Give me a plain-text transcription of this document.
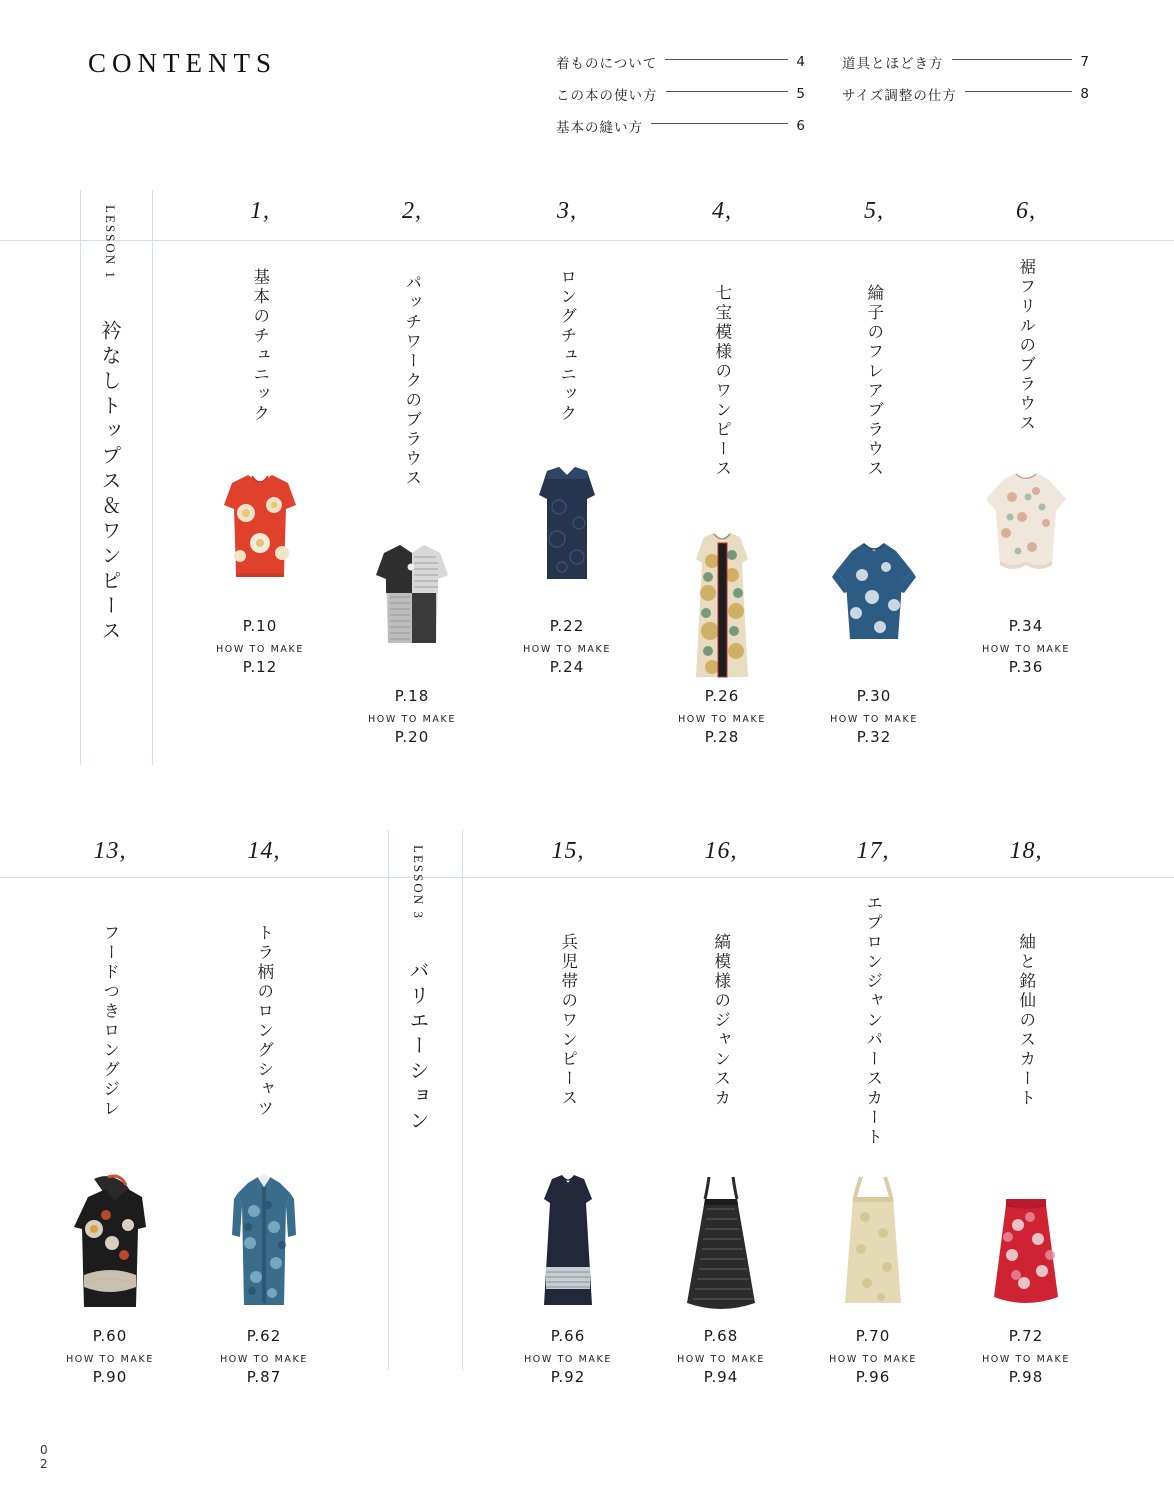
CONTENTS	着ものについて	4
この本の使い方	5
基本の縫い方	6
道具とほどき方	7
サイズ調整の仕方	8
LESSON 1 衿なしトップス＆ワンピース
LESSON 3 バリエーション
1,
基本のチュニック
P.10
HOW TO MAKE
P.12
2,
パッチワークのブラウス
P.18
HOW TO MAKE
P.20
3,
ロングチュニック
P.22
HOW TO MAKE
P.24
4,
七宝模様のワンピース
P.26
HOW TO MAKE
P.28
5,
綸子のフレアブラウス
P.30
HOW TO MAKE
P.32
6,
裾フリルのブラウス
P.34
HOW TO MAKE
P.36
13,
フードつきロングジレ
P.60
HOW TO MAKE
P.90
14,
トラ柄のロングシャツ
P.62
HOW TO MAKE
P.87
15,
兵児帯のワンピース
P.66
HOW TO MAKE
P.92
16,
縞模様のジャンスカ
P.68
HOW TO MAKE
P.94
17,
エプロンジャンパースカート
P.70
HOW TO MAKE
P.96
18,
紬と銘仙のスカート
P.72
HOW TO MAKE
P.98
0
2
